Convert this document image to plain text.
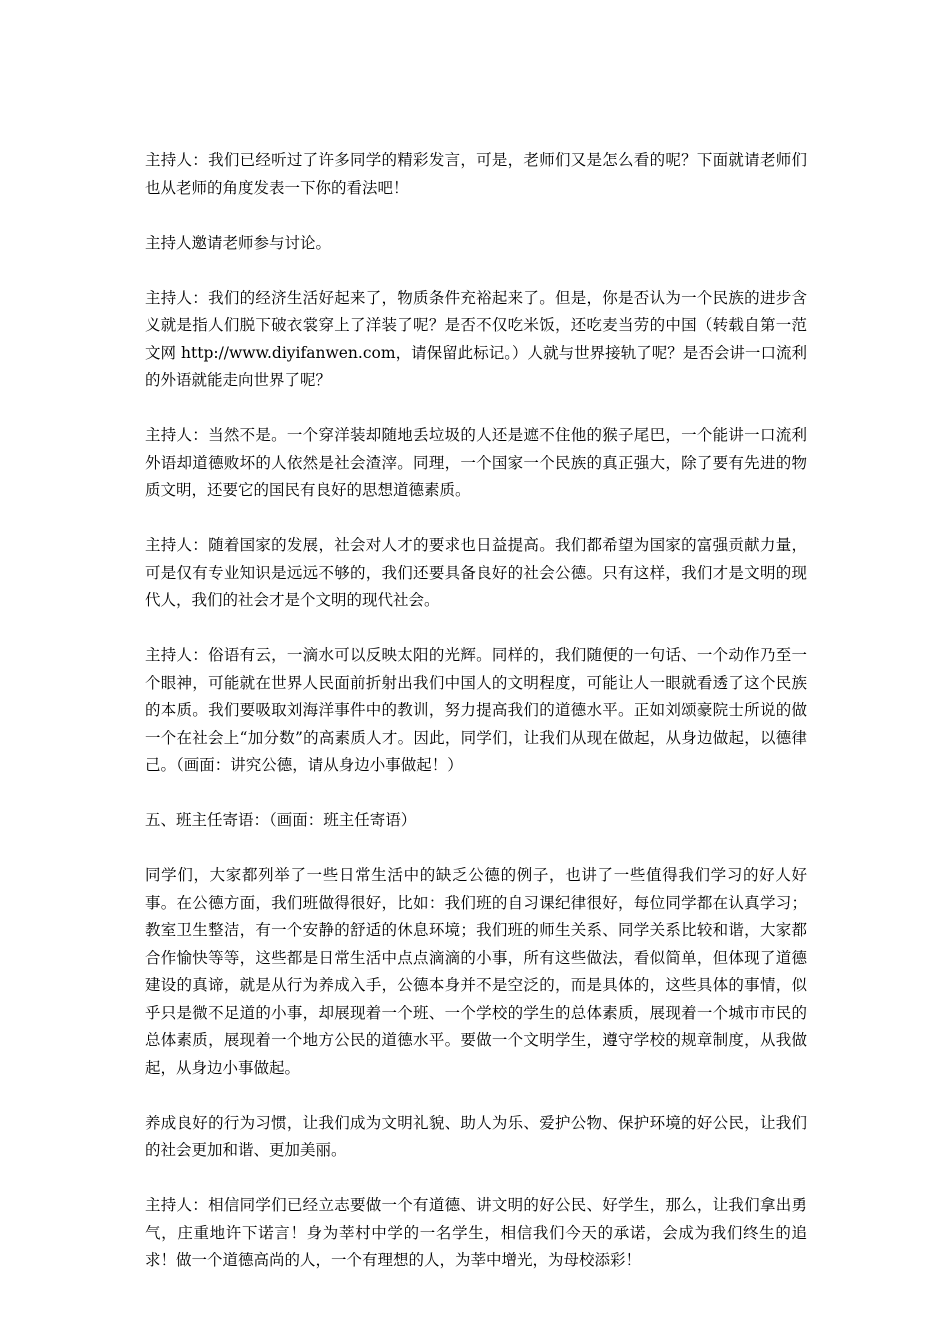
主持人：我们已经听过了许多同学的精彩发言，可是，老师们又是怎么看的呢？下面就请老师们也从老师的角度发表一下你的看法吧！

主持人邀请老师参与讨论。

主持人：我们的经济生活好起来了，物质条件充裕起来了。但是，你是否认为一个民族的进步含义就是指人们脱下破衣裳穿上了洋装了呢？是否不仅吃米饭，还吃麦当劳的中国（转载自第一范文网 http://www.diyifanwen.com，请保留此标记。）人就与世界接轨了呢？是否会讲一口流利的外语就能走向世界了呢？

主持人：当然不是。一个穿洋装却随地丢垃圾的人还是遮不住他的猴子尾巴，一个能讲一口流利外语却道德败坏的人依然是社会渣滓。同理，一个国家一个民族的真正强大，除了要有先进的物质文明，还要它的国民有良好的思想道德素质。

主持人：随着国家的发展，社会对人才的要求也日益提高。我们都希望为国家的富强贡献力量，可是仅有专业知识是远远不够的，我们还要具备良好的社会公德。只有这样，我们才是文明的现代人，我们的社会才是个文明的现代社会。

主持人：俗语有云，一滴水可以反映太阳的光辉。同样的，我们随便的一句话、一个动作乃至一个眼神，可能就在世界人民面前折射出我们中国人的文明程度，可能让人一眼就看透了这个民族的本质。我们要吸取刘海洋事件中的教训，努力提高我们的道德水平。正如刘颂豪院士所说的做一个在社会上“加分数”的高素质人才。因此，同学们，让我们从现在做起，从身边做起，以德律己。（画面：讲究公德，请从身边小事做起！）

五、班主任寄语：（画面：班主任寄语）

同学们，大家都列举了一些日常生活中的缺乏公德的例子，也讲了一些值得我们学习的好人好事。在公德方面，我们班做得很好，比如：我们班的自习课纪律很好，每位同学都在认真学习；教室卫生整洁，有一个安静的舒适的休息环境；我们班的师生关系、同学关系比较和谐，大家都合作愉快等等，这些都是日常生活中点点滴滴的小事，所有这些做法，看似简单，但体现了道德建设的真谛，就是从行为养成入手，公德本身并不是空泛的，而是具体的，这些具体的事情，似乎只是微不足道的小事，却展现着一个班、一个学校的学生的总体素质，展现着一个城市市民的总体素质，展现着一个地方公民的道德水平。要做一个文明学生，遵守学校的规章制度，从我做起，从身边小事做起。

养成良好的行为习惯，让我们成为文明礼貌、助人为乐、爱护公物、保护环境的好公民，让我们的社会更加和谐、更加美丽。

主持人：相信同学们已经立志要做一个有道德、讲文明的好公民、好学生，那么，让我们拿出勇气，庄重地许下诺言！身为莘村中学的一名学生，相信我们今天的承诺，会成为我们终生的追求！做一个道德高尚的人，一个有理想的人，为莘中增光，为母校添彩！
